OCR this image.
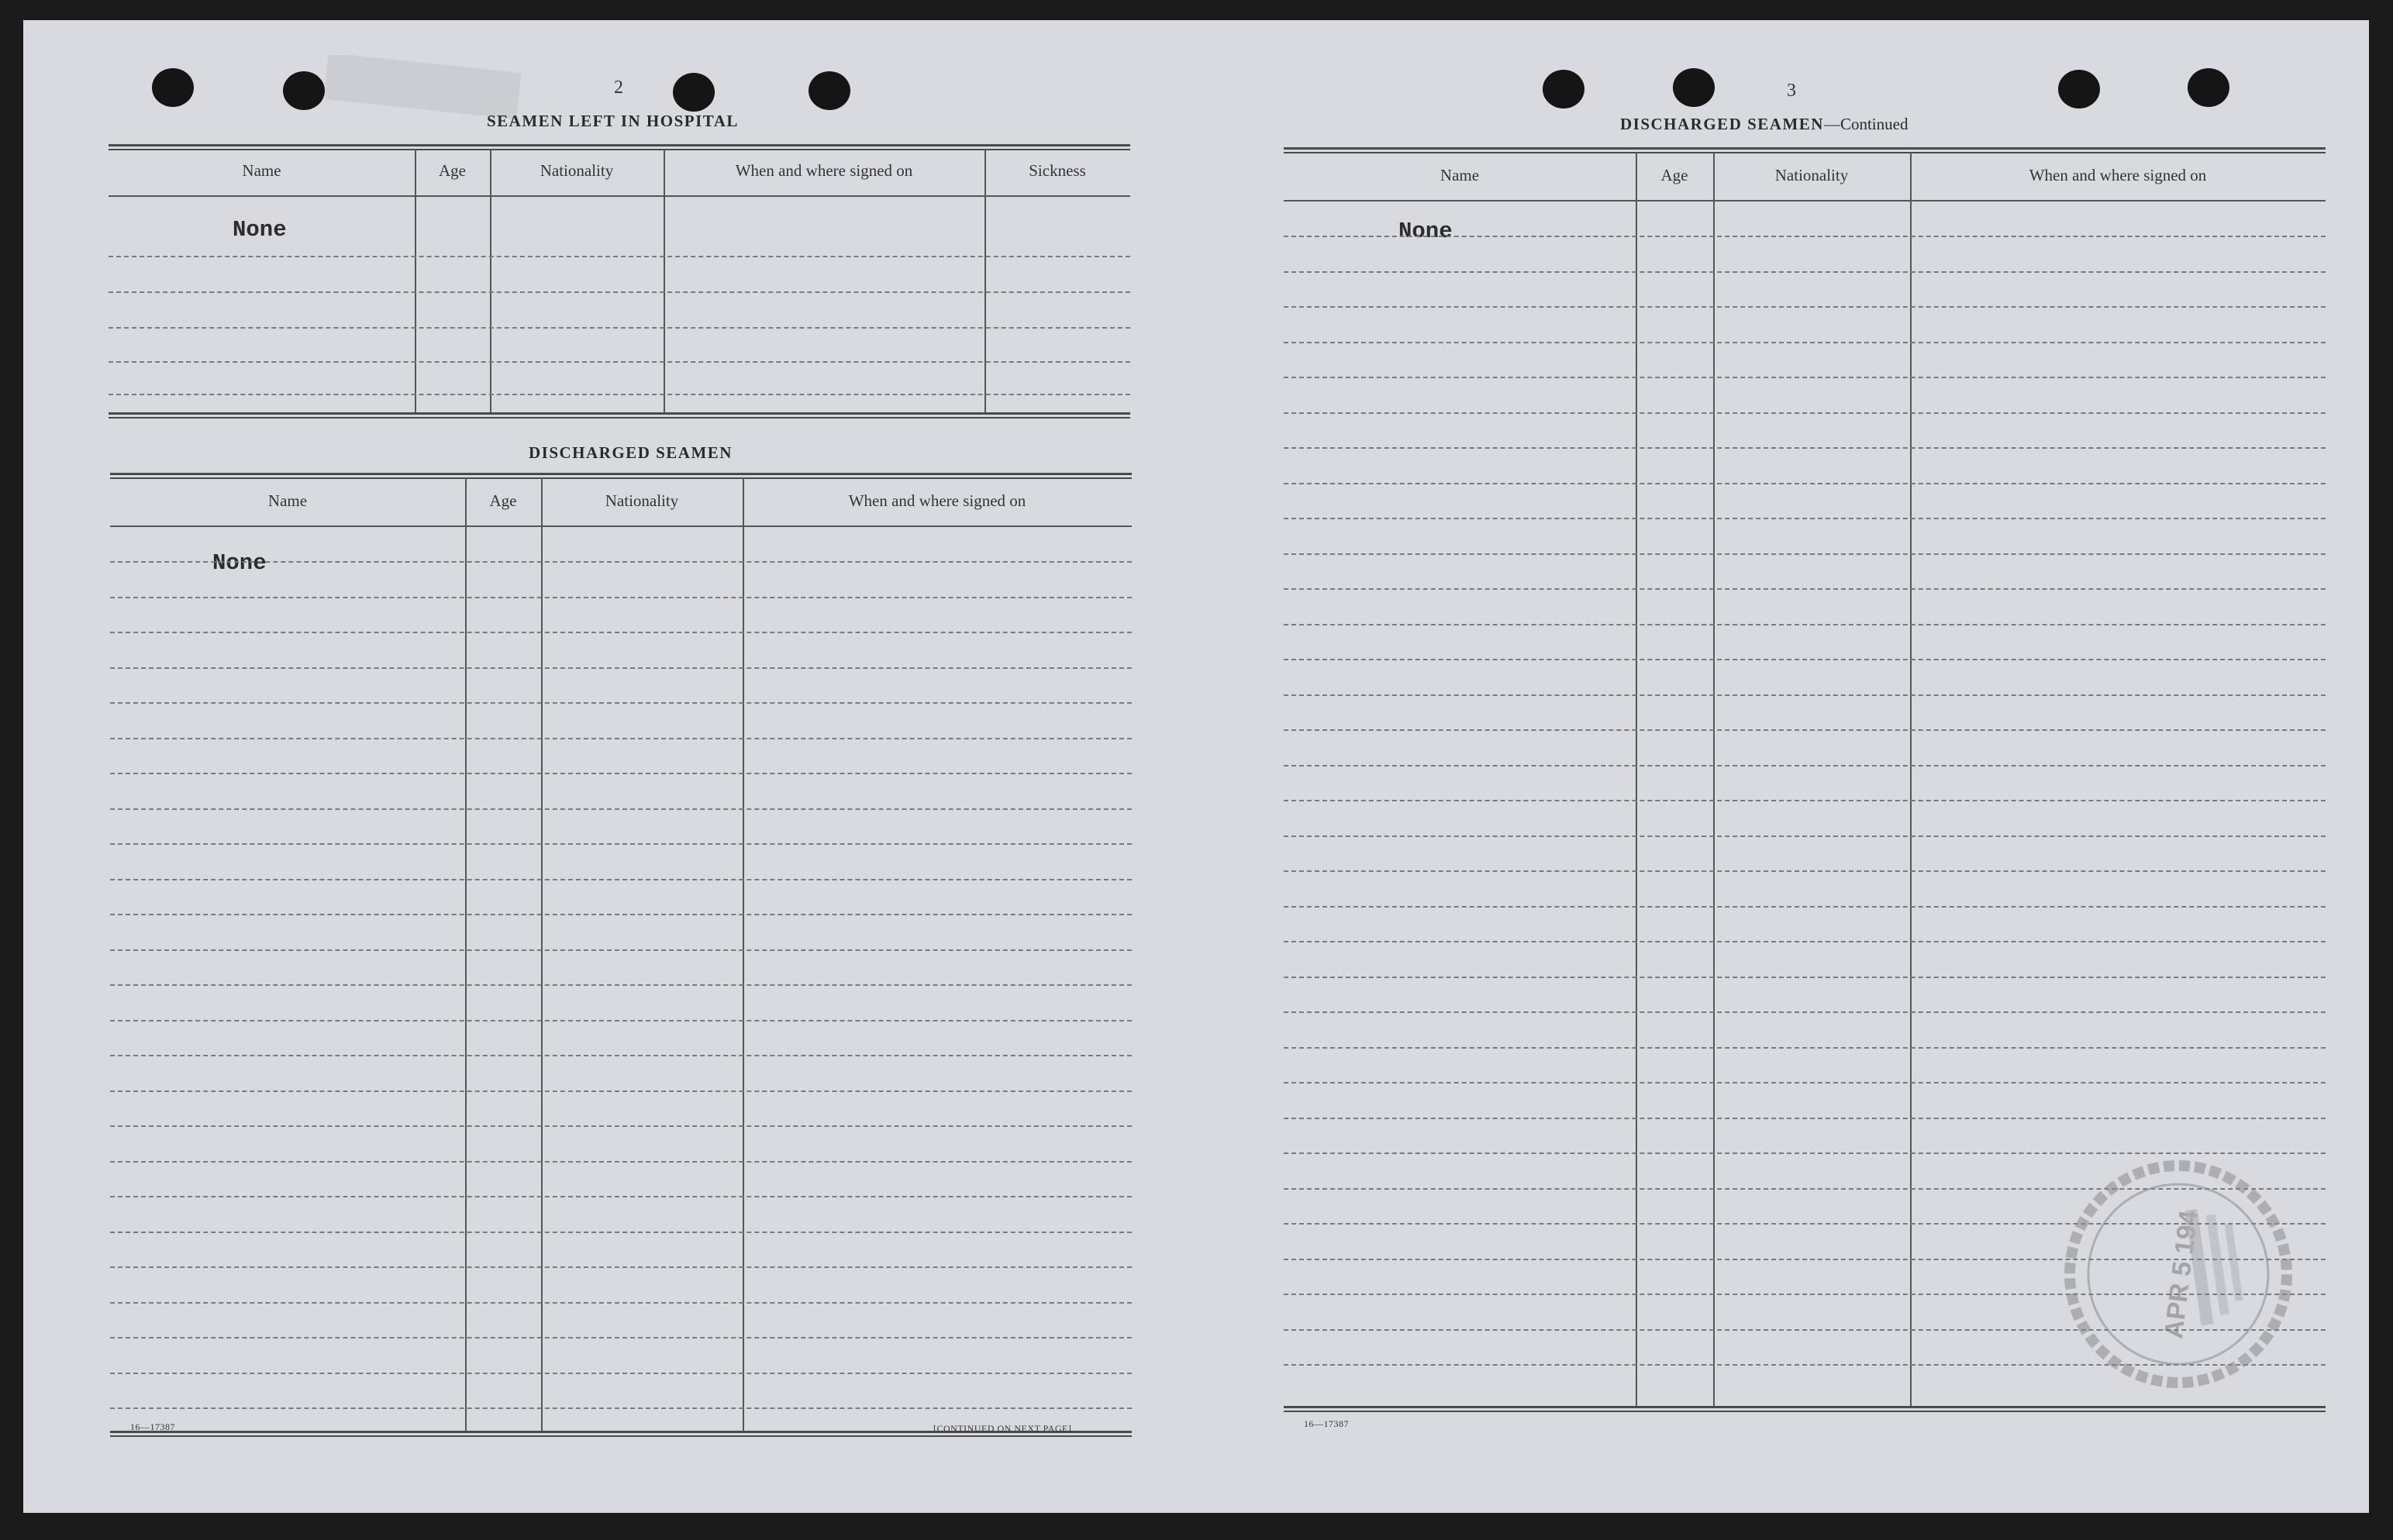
2
SEAMEN LEFT IN HOSPITAL
Name	Age	Nationality	When and where signed on	Sickness
None
DISCHARGED SEAMEN
Name	Age	Nationality	When and where signed on
None
16—17387	[CONTINUED ON NEXT PAGE]
3
DISCHARGED SEAMEN—Continued
Name	Age	Nationality	When and where signed on
None
16—17387
APR 5 194
